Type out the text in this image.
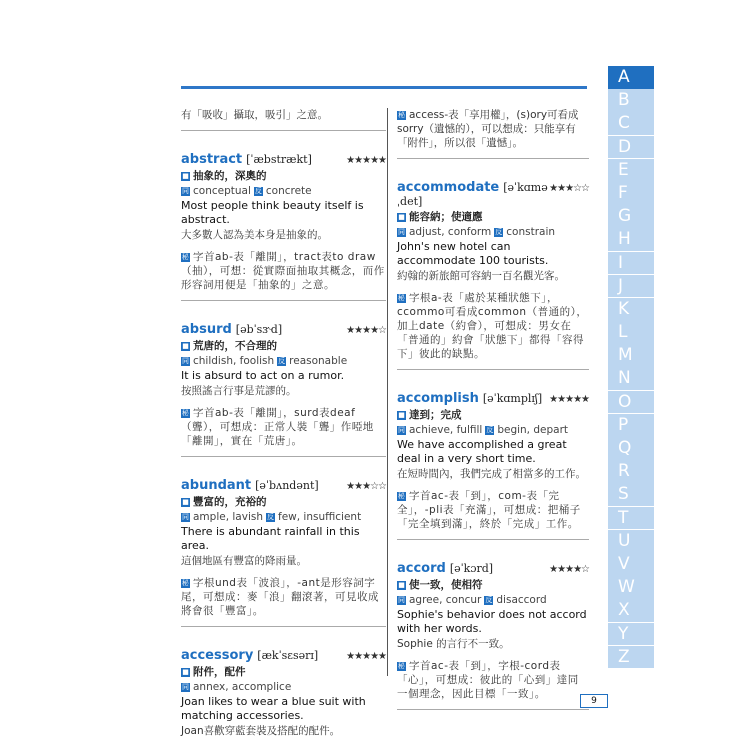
有「吸收」攝取，吸引」之意。
abstract [ˈæbstrækt]	★★★★★
■ 抽象的，深奧的
同 conceptual 反 concrete
Most people think beauty itself is abstract.
大多數人認為美本身是抽象的。
秘 字首ab-表「離開」，tract表to draw（抽），可想：從實際面抽取其概念，而作形容詞用便是「抽象的」之意。
absurd [əbˈsɝd]	★★★★☆
■ 荒唐的，不合理的
同 childish, foolish 反 reasonable
It is absurd to act on a rumor.
按照謠言行事是荒謬的。
秘 字首ab-表「離開」，surd表deaf（聾），可想成：正常人裝「聾」作啞地「離開」，實在「荒唐」。
abundant [əˈbʌndənt]	★★★☆☆
■ 豐富的，充裕的
同 ample, lavish 反 few, insufficient
There is abundant rainfall in this area.
這個地區有豐富的降雨量。
秘 字根und表「波浪」，-ant是形容詞字尾，可想成：麥「浪」翻滾著，可見收成將會很「豐富」。
accessory [ækˈsɛsərɪ]	★★★★★
■ 附件，配件
同 annex, accomplice
Joan likes to wear a blue suit with matching accessories.
Joan喜歡穿藍套裝及搭配的配件。
秘 access-表「享用權」，(s)ory可看成sorry（遺憾的），可以想成：只能享有「附件」，所以很「遺憾」。
accommodate [əˈkɑməˌdet]
★★★☆☆
■ 能容納；使適應
同 adjust, conform 反 constrain
John's new hotel can accommodate 100 tourists.
約翰的新旅館可容納一百名觀光客。
秘 字根a-表「處於某種狀態下」，ccommo可看成common（普通的），加上date（約會），可想成：男女在「普通的」約會「狀態下」都得「容得下」彼此的缺點。
accomplish [əˈkɑmplɪʃ] ★★★★★
■ 達到；完成
同 achieve, fulfill 反 begin, depart
We have accomplished a great deal in a very short time.
在短時間內，我們完成了相當多的工作。
秘 字首ac-表「到」，com-表「完全」，-pli表「充滿」，可想成：把桶子「完全填到滿」，終於「完成」工作。
accord [əˈkɔrd]	★★★★☆
■ 使一致，使相符
同 agree, concur 反 disaccord
Sophie's behavior does not accord with her words.
Sophie 的言行不一致。
秘 字首ac-表「到」，字根-cord表「心」，可想成：彼此的「心到」達同一個理念，因此目標「一致」。
A
B
C
D
E
F
G
H
I
J
K
L
M
N
O
P
Q
R
S
T
U
V
W
X
Y
Z
9
